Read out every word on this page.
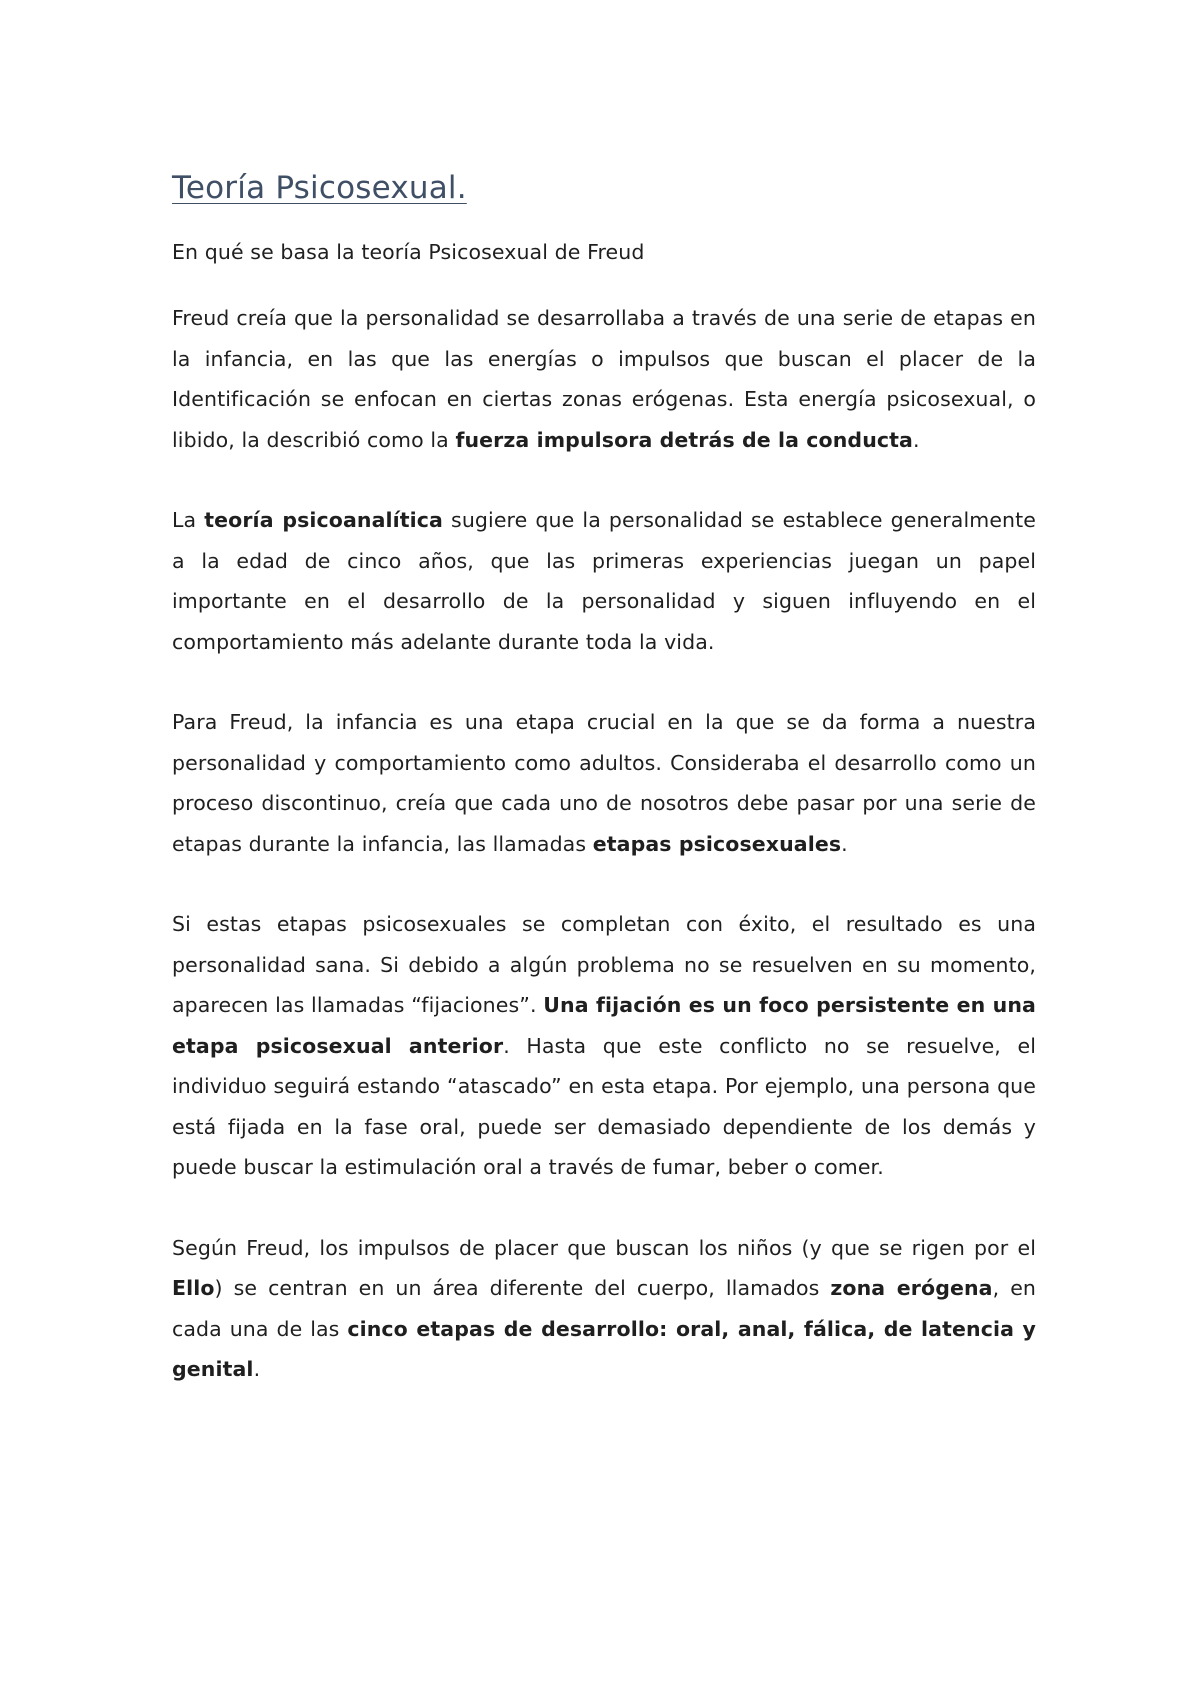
Teoría Psicosexual.

En qué se basa la teoría Psicosexual de Freud

Freud creía que la personalidad se desarrollaba a través de una serie de etapas en la infancia, en las que las energías o impulsos que buscan el placer de la Identificación se enfocan en ciertas zonas erógenas. Esta energía psicosexual, o libido, la describió como la fuerza impulsora detrás de la conducta.

La teoría psicoanalítica sugiere que la personalidad se establece generalmente a la edad de cinco años, que las primeras experiencias juegan un papel importante en el desarrollo de la personalidad y siguen influyendo en el comportamiento más adelante durante toda la vida.

Para Freud, la infancia es una etapa crucial en la que se da forma a nuestra personalidad y comportamiento como adultos. Consideraba el desarrollo como un proceso discontinuo, creía que cada uno de nosotros debe pasar por una serie de etapas durante la infancia, las llamadas etapas psicosexuales.

Si estas etapas psicosexuales se completan con éxito, el resultado es una personalidad sana. Si debido a algún problema no se resuelven en su momento, aparecen las llamadas “fijaciones”. Una fijación es un foco persistente en una etapa psicosexual anterior. Hasta que este conflicto no se resuelve, el individuo seguirá estando “atascado” en esta etapa. Por ejemplo, una persona que está fijada en la fase oral, puede ser demasiado dependiente de los demás y puede buscar la estimulación oral a través de fumar, beber o comer.

Según Freud, los impulsos de placer que buscan los niños (y que se rigen por el Ello) se centran en un área diferente del cuerpo, llamados zona erógena, en cada una de las cinco etapas de desarrollo: oral, anal, fálica, de latencia y genital.
